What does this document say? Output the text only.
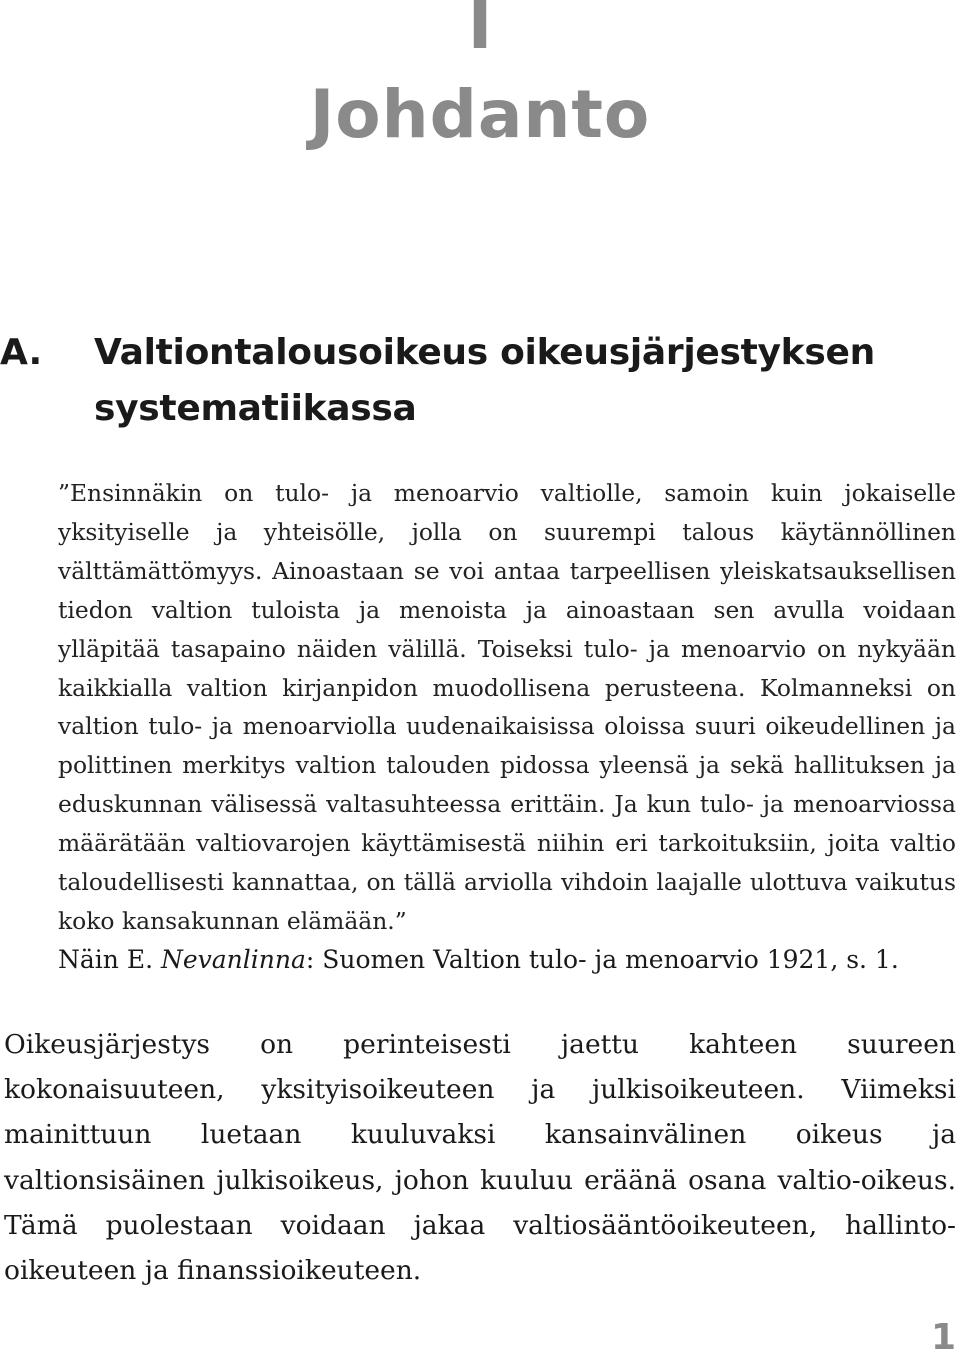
I
Johdanto
A. Valtiontalousoikeus oikeusjärjestyksen systematiikassa

”Ensinnäkin on tulo- ja menoarvio valtiolle, samoin kuin jokaiselle yksityiselle ja yhteisölle, jolla on suurempi talous käytännöllinen välttämättömyys. Ainoastaan se voi antaa tarpeellisen yleiskatsauksellisen tiedon valtion tuloista ja menoista ja ainoastaan sen avulla voidaan ylläpitää tasapaino näiden välillä. Toiseksi tulo- ja menoarvio on nykyään kaikkialla valtion kirjanpidon muodollisena perusteena. Kolmanneksi on valtion tulo- ja menoarviolla uudenaikaisissa oloissa suuri oikeudellinen ja polittinen merkitys valtion talouden pidossa yleensä ja sekä hallituksen ja eduskunnan välisessä valtasuhteessa erittäin. Ja kun tulo- ja menoarviossa määrätään valtiovarojen käyttämisestä niihin eri tarkoituksiin, joita valtio taloudellisesti kannattaa, on tällä arviolla vihdoin laajalle ulottuva vaikutus koko kansakunnan elämään.”

Näin E. Nevanlinna: Suomen Valtion tulo- ja menoarvio 1921, s. 1.

Oikeusjärjestys on perinteisesti jaettu kahteen suureen kokonaisuuteen, yksityisoikeuteen ja julkisoikeuteen. Viimeksi mainittuun luetaan kuuluvaksi kansainvälinen oikeus ja valtionsisäinen julkisoikeus, johon kuuluu eräänä osana valtio-oikeus. Tämä puolestaan voidaan jakaa valtiosääntöoikeuteen, hallinto-oikeuteen ja finanssioikeuteen.

1
